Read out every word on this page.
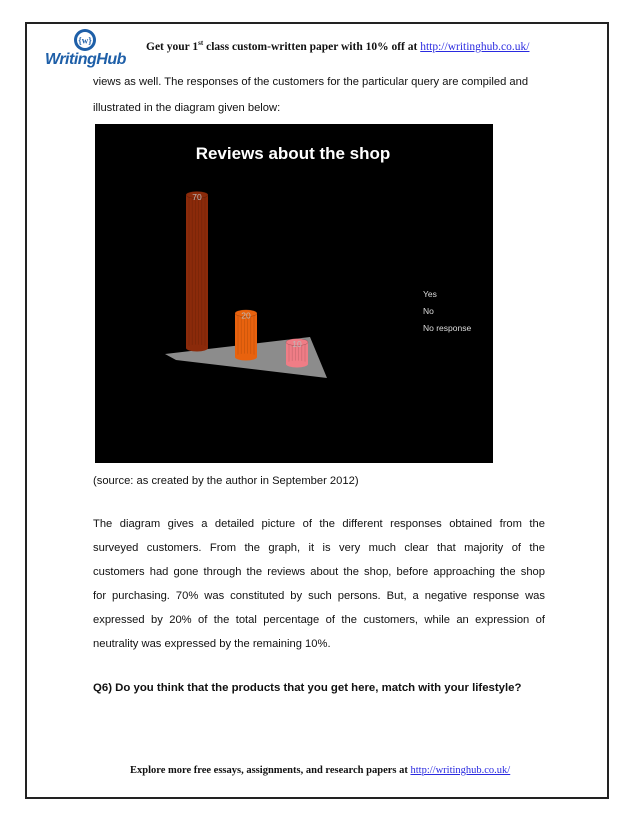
{w}
WritingHub
Get your 1st class custom-written paper with 10% off at http://writinghub.co.uk/
views as well. The responses of the customers for the particular query are compiled and
illustrated in the diagram given below:
Reviews about the shop
70
20
10
Yes
No
No response
(source: as created by the author in September 2012)
The diagram gives a detailed picture of the different responses obtained from the
surveyed customers. From the graph, it is very much clear that majority of the
customers had gone through the reviews about the shop, before approaching the shop
for purchasing. 70% was constituted by such persons. But, a negative response was
expressed by 20% of the total percentage of the customers, while an expression of
neutrality was expressed by the remaining 10%.
Q6) Do you think that the products that you get here, match with your lifestyle?
Explore more free essays, assignments, and research papers at http://writinghub.co.uk/
